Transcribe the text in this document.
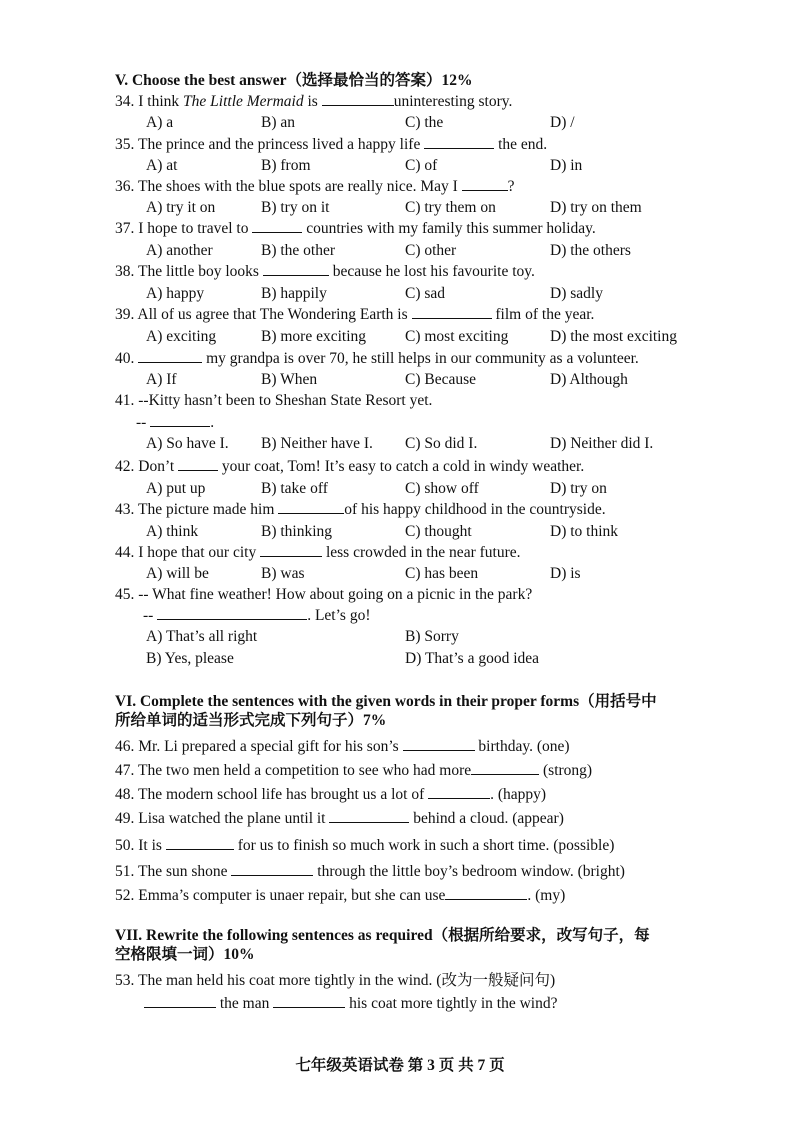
V. Choose the best answer（选择最恰当的答案）12%
34. I think The Little Mermaid is	uninteresting story.
A) a	B) an	C) the	D) /
35. The prince and the princess lived a happy life	the end.
A) at	B) from	C) of	D) in
36. The shoes with the blue spots are really nice. May I	?
A) try it on	B) try on it	C) try them on	D) try on them
37. I hope to travel to	countries with my family this summer holiday.
A) another	B) the other	C) other	D) the others
38. The little boy looks	because he lost his favourite toy.
A) happy	B) happily	C) sad	D) sadly
39. All of us agree that The Wondering Earth is	film of the year.
A) exciting	B) more exciting	C) most exciting	D) the most exciting
40.	my grandpa is over 70, he still helps in our community as a volunteer.
A) If	B) When	C) Because	D) Although
41. --Kitty hasn’t been to Sheshan State Resort yet.
--	.
A) So have I. B) Neither have I. C) So did I.	D) Neither did I.
42. Don’t	your coat, Tom! It’s easy to catch a cold in windy weather.
A) put up	B) take off	C) show off	D) try on
43. The picture made him	of his happy childhood in the countryside.
A) think	B) thinking	C) thought	D) to think
44. I hope that our city	less crowded in the near future.
A) will be	B) was	C) has been	D) is
45. -- What fine weather! How about going on a picnic in the park?
--	. Let’s go!
A) That’s all right	B) Sorry
B) Yes, please	D) That’s a good idea
VI. Complete the sentences with the given words in their proper forms（用括号中
所给单词的适当形式完成下列句子）7%
46. Mr. Li prepared a special gift for his son’s	birthday. (one)
47. The two men held a competition to see who had more	(strong)
48. The modern school life has brought us a lot of	. (happy)
49. Lisa watched the plane until it	behind a cloud. (appear)
50. It is	for us to finish so much work in such a short time. (possible)
51. The sun shone	through the little boy’s bedroom window. (bright)
52. Emma’s computer is unaer repair, but she can use	. (my)
VII. Rewrite the following sentences as required（根据所给要求，改写句子，每
空格限填一词）10%
53. The man held his coat more tightly in the wind. (改为一般疑问句)
the man	his coat more tightly in the wind?
七年级英语试卷 第 3 页 共 7 页
